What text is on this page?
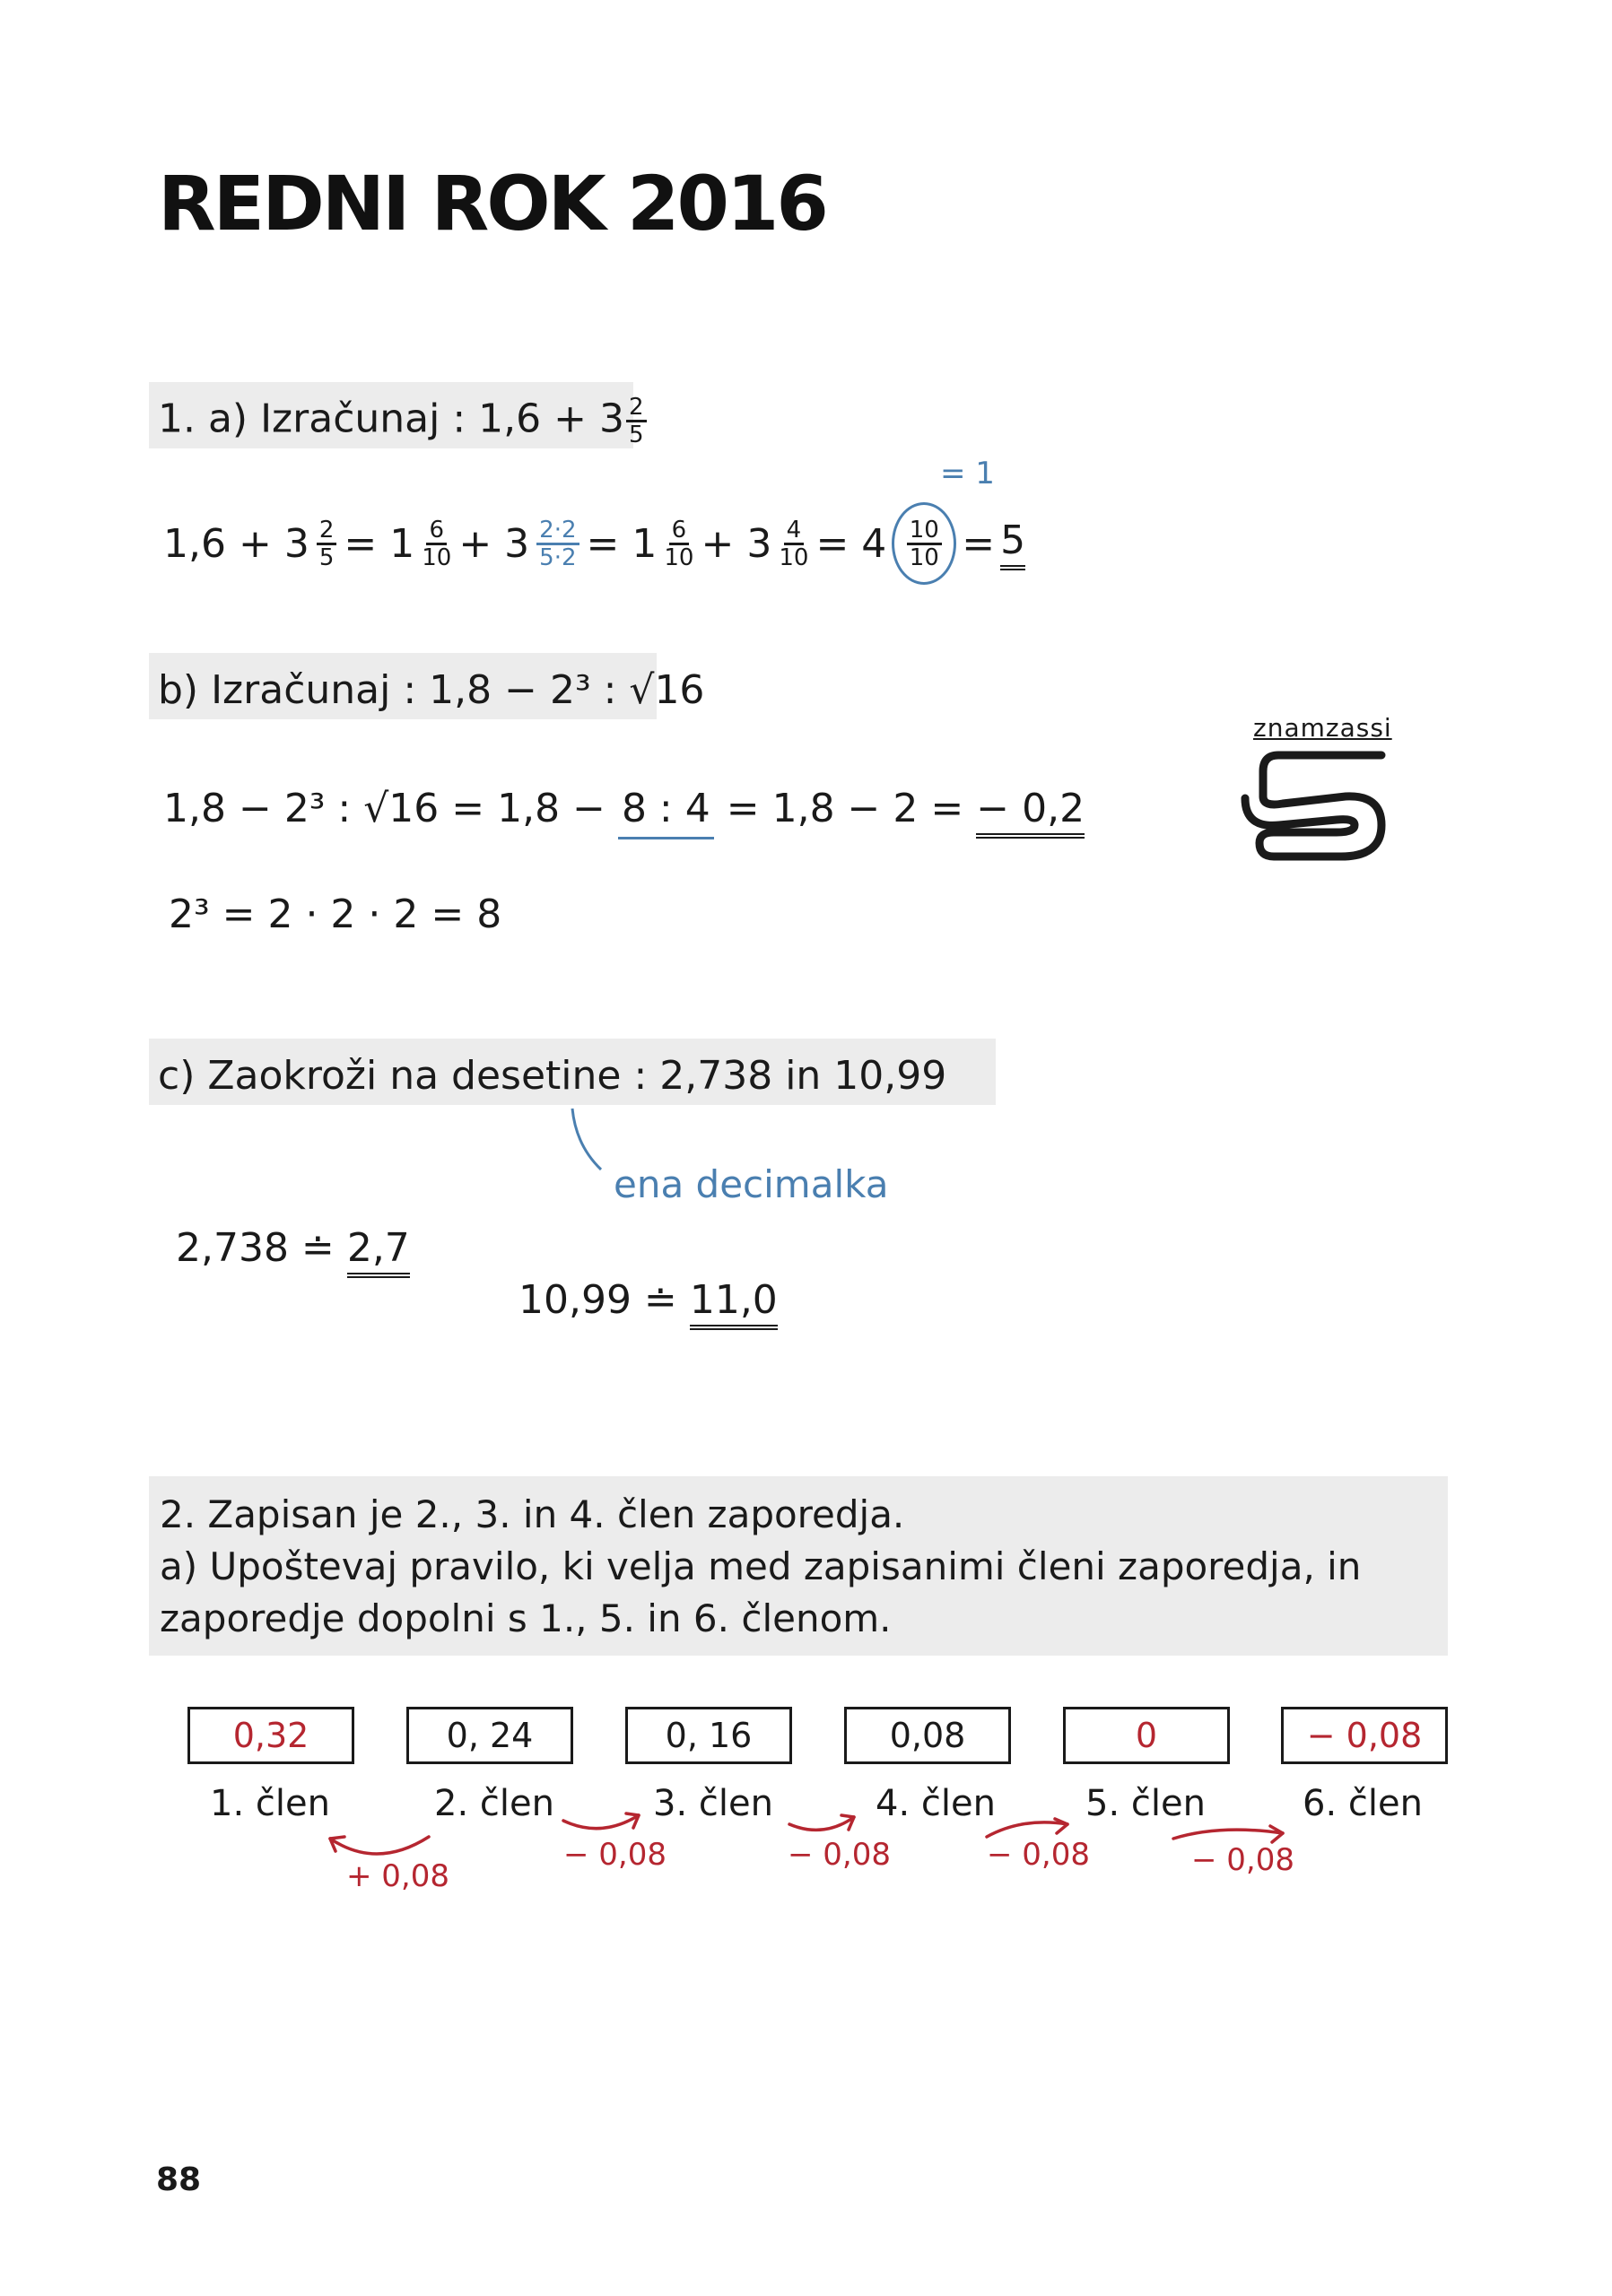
REDNI ROK 2016
znamzassi
1. a) Izračunaj : $1,6 + 3 \frac{2}{5}$
$1,6 + 3 \frac{2}{5} = 1 \frac{6}{10} + 3 \frac{2\cdot 2}{5\cdot 2} = 1 \frac{6}{10} + 3 \frac{4}{10} = 4 \frac{10}{10} = 5$
= 1
b) Izračunaj : 1,8 − 2³ : √16
1,8 − 2³ : √16 = 1,8 − 8 : 4 = 1,8 − 2 = − 0,2
2³ = 2 · 2 · 2 = 8
c) Zaokroži na desetine : 2,738 in 10,99
ena decimalka
2,738 ≐ 2,7
10,99 ≐ 11,0
2. Zapisan je 2., 3. in 4. člen zaporedja.
a) Upoštevaj pravilo, ki velja med zapisanimi členi zaporedja, in
zaporedje dopolni s 1., 5. in 6. členom.
0,32	0, 24	0, 16	0,08	0	− 0,08
1. člen	2. člen	3. člen	4. člen	5. člen	6. člen
+ 0,08
− 0,08	− 0,08	− 0,08	− 0,08
88
